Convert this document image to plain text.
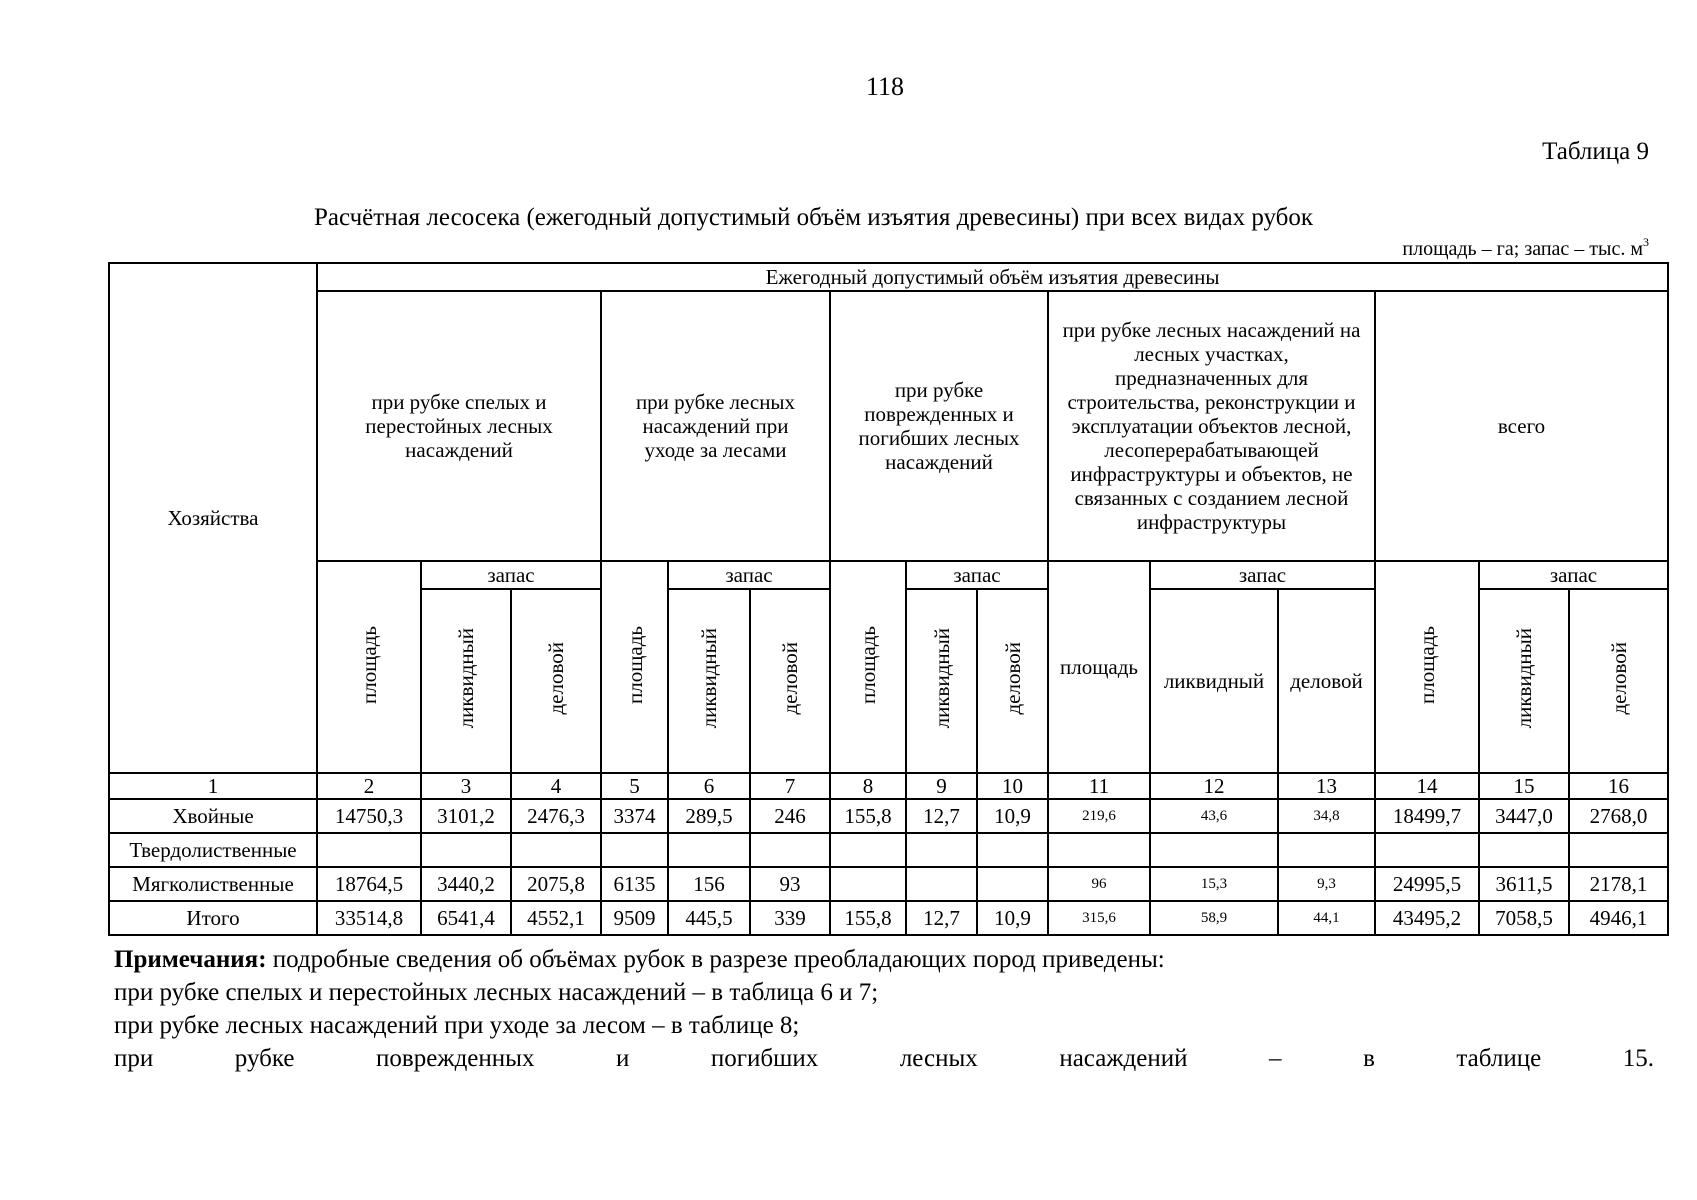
118
Таблица 9
Расчётная лесосека (ежегодный допустимый объём изъятия древесины) при всех видах рубок
площадь – га; запас – тыс. $м^3$
Хозяйства	Ежегодный допустимый объём изъятия древесины														
	при рубке спелых и перестойных лесных насаждений			при рубке лесных насаждений при уходе за лесами			при рубке поврежденных и погибших лесных насаждений			при рубке лесных насаждений на лесных участках, предназначенных для строительства, реконструкции и эксплуатации объектов лесной, лесоперерабатывающей инфраструктуры и объектов, не связанных с созданием лесной инфраструктуры			всего		
	площадь	запас		площадь	запас		площадь	запас		площадь	запас		площадь	запас	
		ликвидный	деловой		ликвидный	деловой		ликвидный	деловой		ликвидный	деловой		ликвидный	деловой
1	2	3	4	5	6	7	8	9	10	11	12	13	14	15	16
Хвойные	14750,3	3101,2	2476,3	3374	289,5	246	155,8	12,7	10,9	219,6	43,6	34,8	18499,7	3447,0	2768,0
Твердолиственные															
Мягколиственные	18764,5	3440,2	2075,8	6135	156	93				96	15,3	9,3	24995,5	3611,5	2178,1
Итого	33514,8	6541,4	4552,1	9509	445,5	339	155,8	12,7	10,9	315,6	58,9	44,1	43495,2	7058,5	4946,1

Примечания: подробные сведения об объёмах рубок в разрезе преобладающих пород приведены:

при рубке спелых и перестойных лесных насаждений – в таблица 6 и 7;

при рубке лесных насаждений при уходе за лесом – в таблице 8;

при	рубке	поврежденных	и	погибших	лесных	насаждений	–	в	таблице	15.
